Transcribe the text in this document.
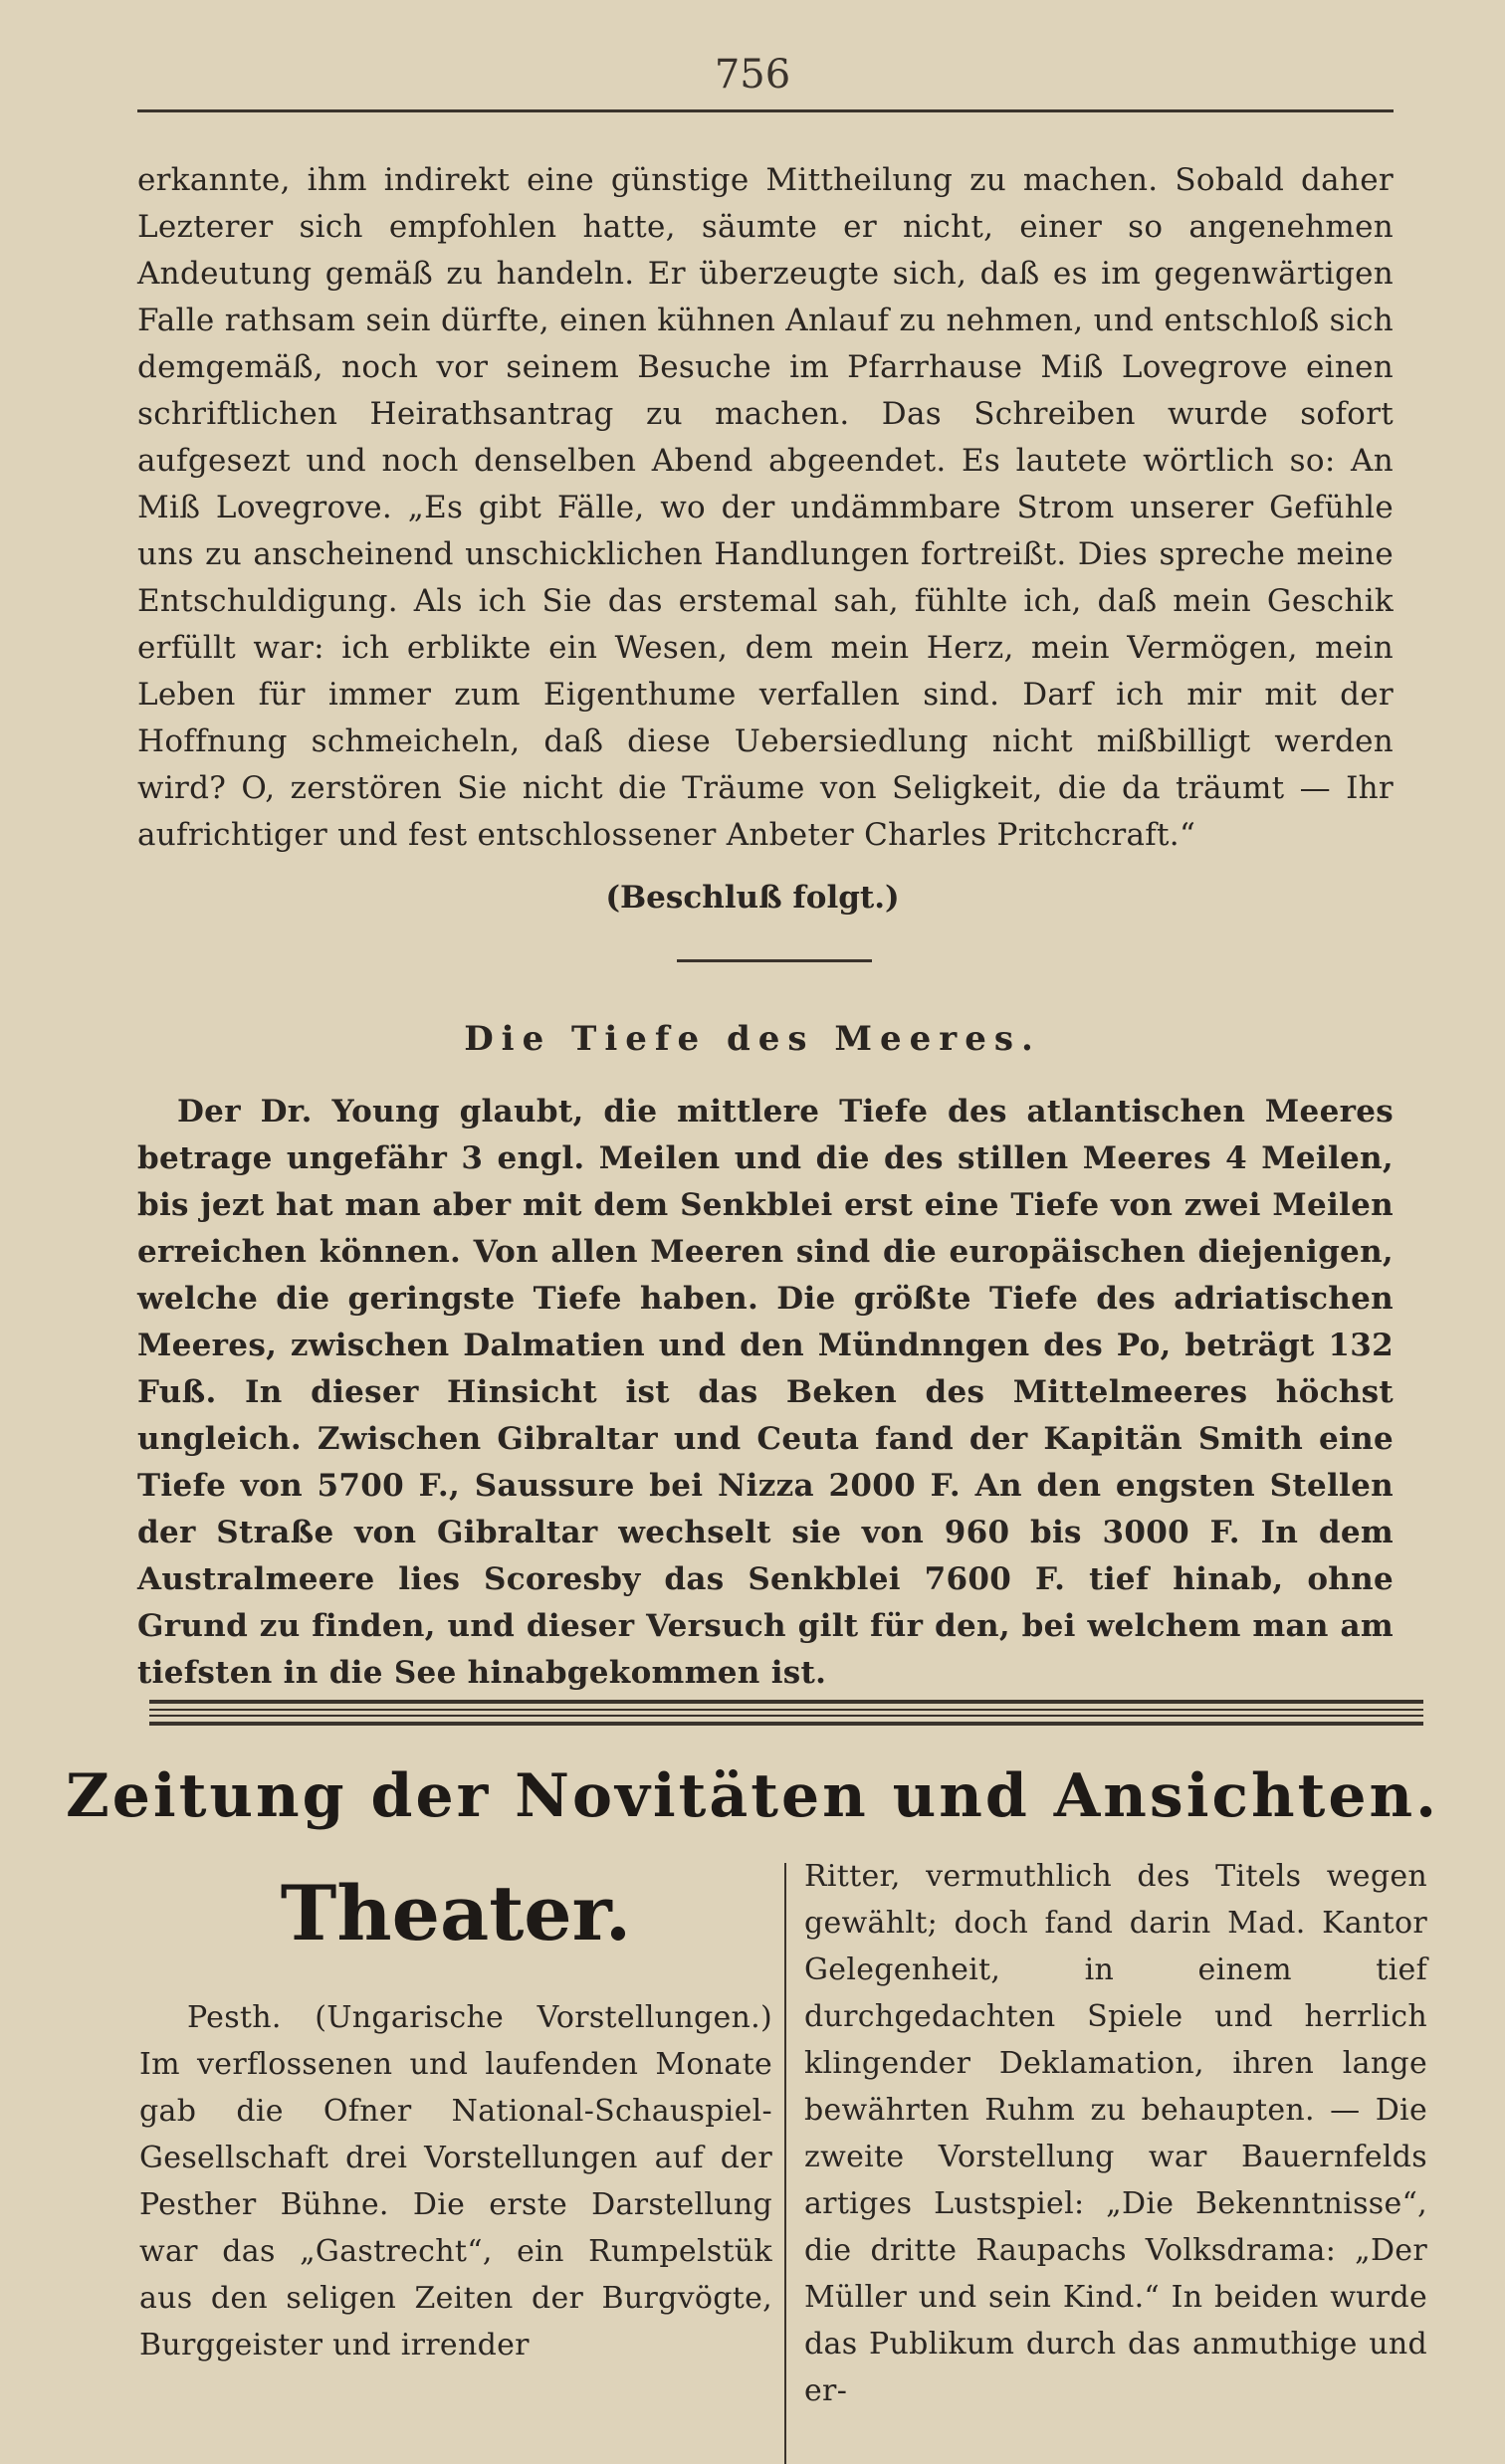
756

erkannte, ihm indirekt eine günstige Mittheilung zu machen. Sobald daher Lezterer sich empfohlen hatte, säumte er nicht, einer so angenehmen Andeutung gemäß zu handeln. Er überzeugte sich, daß es im gegenwärtigen Falle rathsam sein dürfte, einen kühnen Anlauf zu nehmen, und entschloß sich demgemäß, noch vor seinem Besuche im Pfarrhause Miß Lovegrove einen schriftlichen Heirathsantrag zu machen. Das Schreiben wurde sofort aufgesezt und noch denselben Abend abgeendet. Es lautete wörtlich so: An Miß Lovegrove. „Es gibt Fälle, wo der undämmbare Strom unserer Gefühle uns zu anscheinend unschicklichen Handlungen fortreißt. Dies spreche meine Entschuldigung. Als ich Sie das erstemal sah, fühlte ich, daß mein Geschik erfüllt war: ich erblikte ein Wesen, dem mein Herz, mein Vermögen, mein Leben für immer zum Eigenthume verfallen sind. Darf ich mir mit der Hoffnung schmeicheln, daß diese Uebersiedlung nicht mißbilligt werden wird? O, zerstören Sie nicht die Träume von Seligkeit, die da träumt — Ihr aufrichtiger und fest entschlossener Anbeter Charles Pritchcraft.“

(Beschluß folgt.)
Die Tiefe des Meeres.

Der Dr. Young glaubt, die mittlere Tiefe des atlantischen Meeres betrage ungefähr 3 engl. Meilen und die des stillen Meeres 4 Meilen, bis jezt hat man aber mit dem Senkblei erst eine Tiefe von zwei Meilen erreichen können. Von allen Meeren sind die europäischen diejenigen, welche die geringste Tiefe haben. Die größte Tiefe des adriatischen Meeres, zwischen Dalmatien und den Mündnngen des Po, beträgt 132 Fuß. In dieser Hinsicht ist das Beken des Mittelmeeres höchst ungleich. Zwischen Gibraltar und Ceuta fand der Kapitän Smith eine Tiefe von 5700 F., Saussure bei Nizza 2000 F. An den engsten Stellen der Straße von Gibraltar wechselt sie von 960 bis 3000 F. In dem Australmeere lies Scoresby das Senkblei 7600 F. tief hinab, ohne Grund zu finden, und dieser Versuch gilt für den, bei welchem man am tiefsten in die See hinabgekommen ist.

Zeitung der Novitäten und Ansichten.
Theater.

Pesth. (Ungarische Vorstellungen.) Im verflossenen und laufenden Monate gab die Ofner National-Schauspiel-Gesellschaft drei Vorstellungen auf der Pesther Bühne. Die erste Darstellung war das „Gastrecht“, ein Rumpelstük aus den seligen Zeiten der Burgvögte, Burggeister und irrender

Ritter, vermuthlich des Titels wegen gewählt; doch fand darin Mad. Kantor Gelegenheit, in einem tief durchgedachten Spiele und herrlich klingender Deklamation, ihren lange bewährten Ruhm zu behaupten. — Die zweite Vorstellung war Bauernfelds artiges Lustspiel: „Die Bekenntnisse“, die dritte Raupachs Volksdrama: „Der Müller und sein Kind.“ In beiden wurde das Publikum durch das anmuthige und er-
